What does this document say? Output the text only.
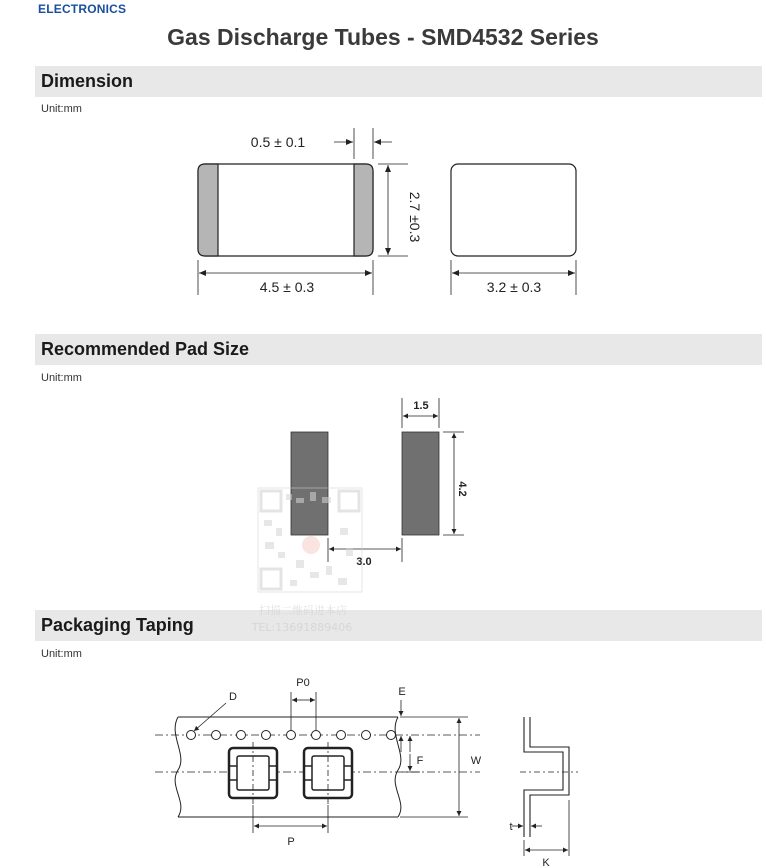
ELECTRONICS
Gas Discharge Tubes - SMD4532 Series
Dimension
Unit:mm
Recommended Pad Size
Unit:mm
Packaging Taping
Unit:mm
0.5 ± 0.1
2.7 ±0.3
4.5 ± 0.3	3.2 ± 0.3
1.5
4.2
3.0
扫描二维码进本店
TEL:13691889406
D
P0
E
F	W
P
t
K
